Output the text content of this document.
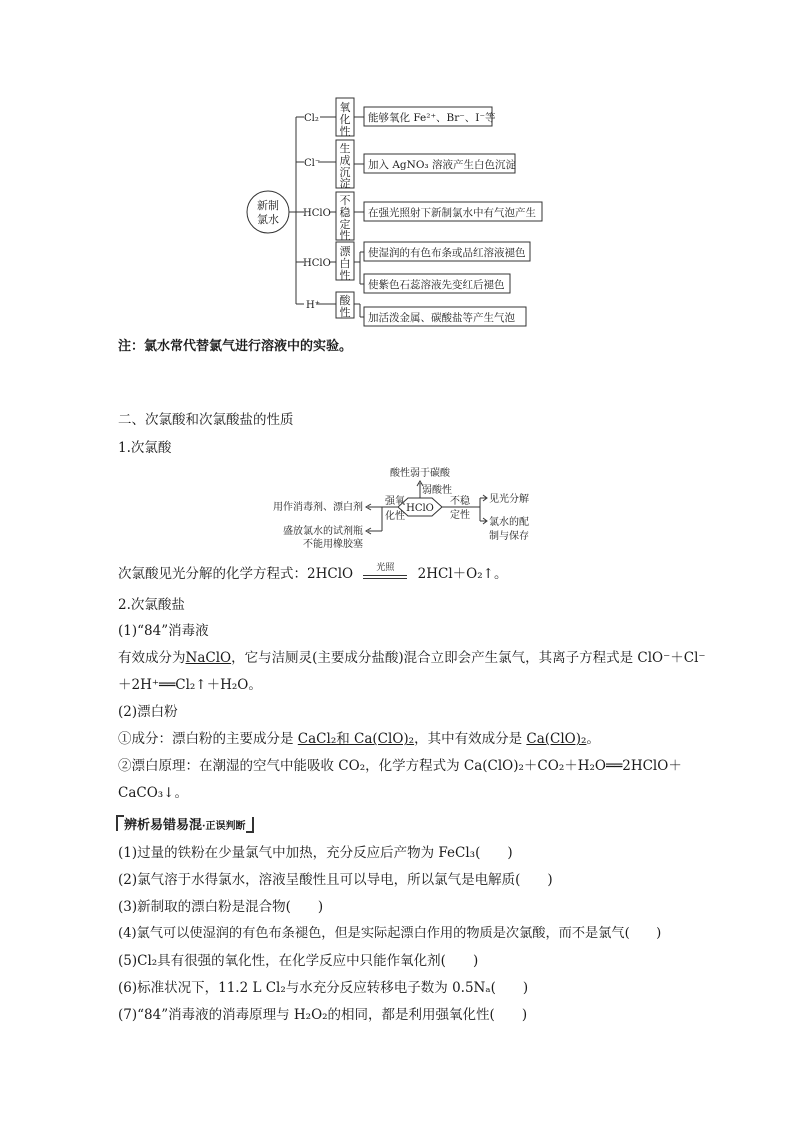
新制
氯水
Cl₂
Cl⁻
HClO
HClO
H⁺
氧
化
性
生
成
沉
淀
不
稳
定
性
漂
白
性
酸
性
能够氧化 Fe²⁺、Br⁻、I⁻等
加入 AgNO₃ 溶液产生白色沉淀
在强光照射下新制氯水中有气泡产生
使湿润的有色布条或品红溶液褪色
使紫色石蕊溶液先变红后褪色
加活泼金属、碳酸盐等产生气泡
注：氯水常代替氯气进行溶液中的实验。
二、次氯酸和次氯酸盐的性质
1.次氯酸
HClO
酸性弱于碳酸
弱酸性
强氧
化性
用作消毒剂、漂白剂
盛放氯水的试剂瓶
不能用橡胶塞
不稳
定性
见光分解
氯水的配
制与保存
次氯酸见光分解的化学方程式：2HClO	光照	2HCl＋O₂↑。
2.次氯酸盐
(1)“84”消毒液
有效成分为NaClO，它与洁厕灵(主要成分盐酸)混合立即会产生氯气，其离子方程式是 ClO⁻＋Cl⁻
＋2H⁺══Cl₂↑＋H₂O。
(2)漂白粉
①成分：漂白粉的主要成分是 CaCl₂和 Ca(ClO)₂，其中有效成分是 Ca(ClO)₂。
②漂白原理：在潮湿的空气中能吸收 CO₂，化学方程式为 Ca(ClO)₂＋CO₂＋H₂O══2HClO＋
CaCO₃↓。
辨析易错易混·正误判断
(1)过量的铁粉在少量氯气中加热，充分反应后产物为 FeCl₃(　　)
(2)氯气溶于水得氯水，溶液呈酸性且可以导电，所以氯气是电解质(　　)
(3)新制取的漂白粉是混合物(　　)
(4)氯气可以使湿润的有色布条褪色，但是实际起漂白作用的物质是次氯酸，而不是氯气(　　)
(5)Cl₂具有很强的氧化性，在化学反应中只能作氧化剂(　　)
(6)标准状况下，11.2 L Cl₂与水充分反应转移电子数为 0.5Nₐ(　　)
(7)“84”消毒液的消毒原理与 H₂O₂的相同，都是利用强氧化性(　　)
